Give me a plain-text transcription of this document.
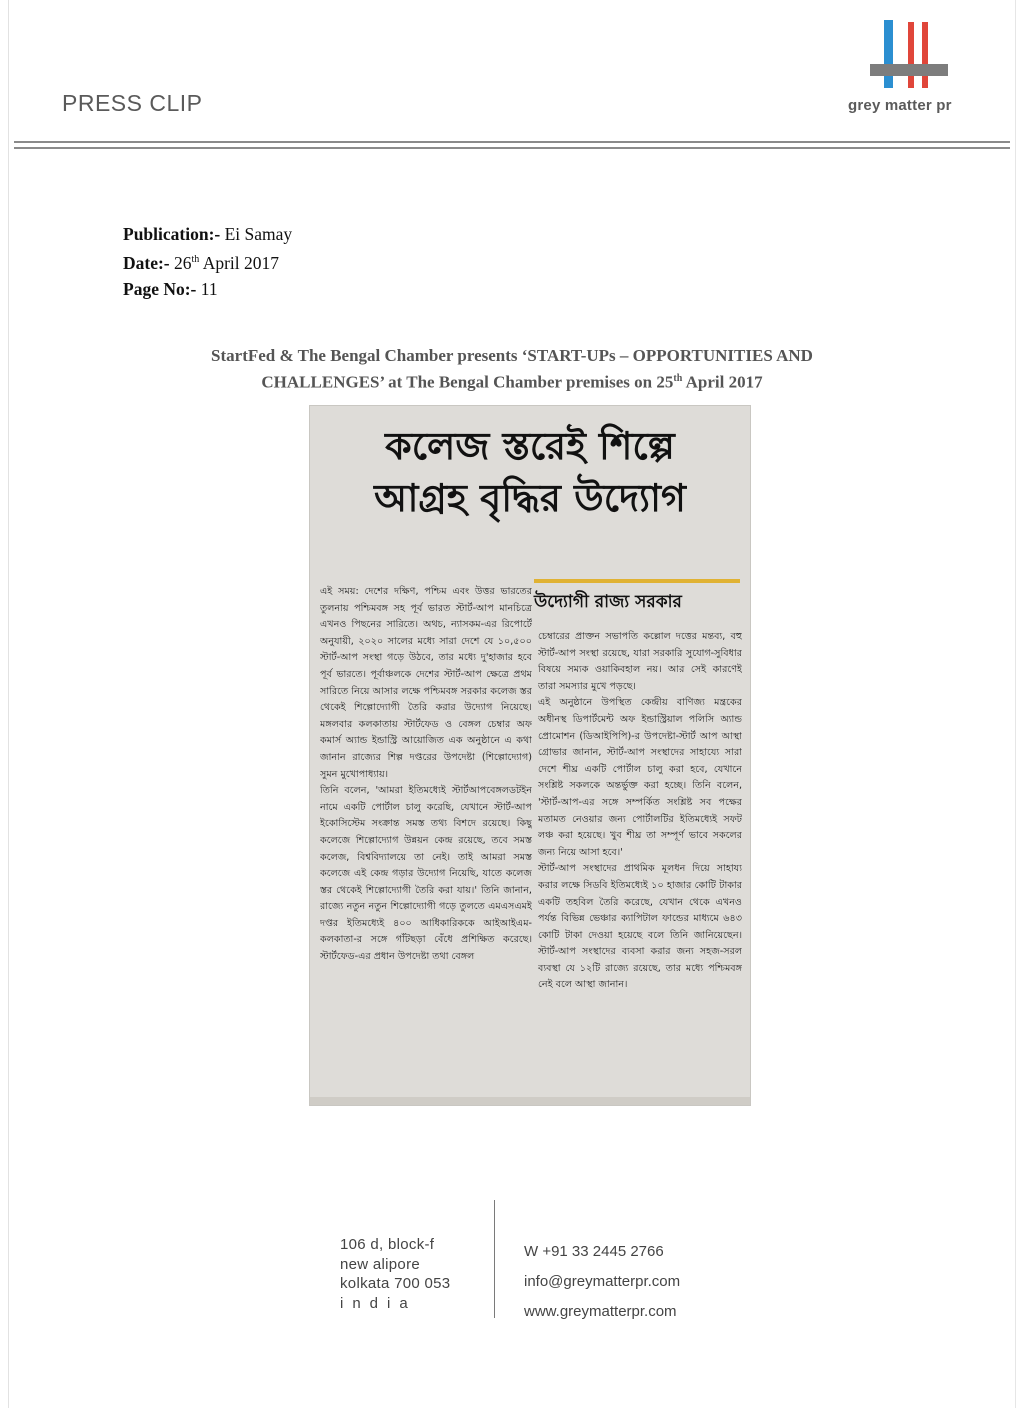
PRESS CLIP	grey matter pr
Publication:- Ei Samay
Date:- 26th April 2017
Page No:- 11
StartFed & The Bengal Chamber presents ‘START-UPs – OPPORTUNITIES AND
CHALLENGES’ at The Bengal Chamber premises on 25th April 2017
কলেজ স্তরেই শিল্পে
আগ্রহ বৃদ্ধির উদ্যোগ
উদ্যোগী রাজ্য সরকার

এই সময়: দেশের দক্ষিণ, পশ্চিম এবং উত্তর ভারতের তুলনায় পশ্চিমবঙ্গ সহ পূর্ব ভারত স্টার্ট-আপ মানচিত্রে এখনও পিছনের সারিতে। অথচ, ন্যাসকম-এর রিপোর্টে অনুযায়ী, ২০২০ সালের মধ্যে সারা দেশে যে ১০,৫০০ স্টার্ট-আপ সংস্থা গড়ে উঠবে, তার মধ্যে দু'হাজার হবে পূর্ব ভারতে। পূর্বাঞ্চলকে দেশের স্টার্ট-আপ ক্ষেত্রে প্রথম সারিতে নিয়ে আসার লক্ষে পশ্চিমবঙ্গ সরকার কলেজ স্তর থেকেই শিল্পোদ্যোগী তৈরি করার উদ্যোগ নিয়েছে। মঙ্গলবার কলকাতায় স্টার্টফেড ও বেঙ্গল চেম্বার অফ কমার্স অ্যান্ড ইন্ডাস্ট্রি আয়োজিত এক অনুষ্ঠানে এ কথা জানান রাজ্যের শিল্প দপ্তরের উপদেষ্টা (শিল্পোদ্যোগ) সুমন মুখোপাধ্যায়।

তিনি বলেন, 'আমরা ইতিমধ্যেই স্টার্টআপবেঙ্গলডটইন নামে একটি পোর্টাল চালু করেছি, যেখানে স্টার্ট-আপ ইকোসিস্টেম সংক্রান্ত সমস্ত তথ্য বিশদে রয়েছে। কিছু কলেজে শিল্পোদ্যোগ উন্নয়ন কেন্দ্র রয়েছে, তবে সমস্ত কলেজ, বিশ্ববিদ্যালয়ে তা নেই। তাই আমরা সমস্ত কলেজে এই কেন্দ্র গড়ার উদ্যোগ নিয়েছি, যাতে কলেজ স্তর থেকেই শিল্পোদ্যোগী তৈরি করা যায়।' তিনি জানান, রাজ্যে নতুন নতুন শিল্পোদ্যোগী গড়ে তুলতে এমএসএমই দপ্তর ইতিমধ্যেই ৪০০ আধিকারিককে আইআইএম-কলকাতা-র সঙ্গে গাঁটছড়া বেঁধে প্রশিক্ষিত করেছে। স্টার্টফেড-এর প্রধান উপদেষ্টা তথা বেঙ্গল

চেম্বারের প্রাক্তন সভাপতি কল্লোল দত্তের মন্তব্য, বহু স্টার্ট-আপ সংস্থা রয়েছে, যারা সরকারি সুযোগ-সুবিধার বিষয়ে সম্যক ওয়াকিবহাল নয়। আর সেই কারণেই তারা সমস্যার মুখে পড়ছে।

এই অনুষ্ঠানে উপস্থিত কেন্দ্রীয় বাণিজ্য মন্ত্রকের অধীনস্থ ডিপার্টমেন্ট অফ ইন্ডাস্ট্রিয়াল পলিসি অ্যান্ড প্রোমোশন (ডিআইপিপি)-র উপদেষ্টা-স্টার্ট আপ আস্থা গ্রোভার জানান, স্টার্ট-আপ সংস্থাদের সাহায্যে সারা দেশে শীঘ্র একটি পোর্টাল চালু করা হবে, যেখানে সংশ্লিষ্ট সকলকে অন্তর্ভুক্ত করা হচ্ছে। তিনি বলেন, 'স্টার্ট-আপ-এর সঙ্গে সম্পর্কিত সংশ্লিষ্ট সব পক্ষের মতামত নেওয়ার জন্য পোর্টালটির ইতিমধ্যেই সফট লঞ্চ করা হয়েছে। খুব শীঘ্র তা সম্পূর্ণ ভাবে সকলের জন্য নিয়ে আসা হবে।'

স্টার্ট-আপ সংস্থাদের প্রাথমিক মূলধন দিয়ে সাহায্য করার লক্ষে সিডবি ইতিমধ্যেই ১০ হাজার কোটি টাকার একটি তহবিল তৈরি করেছে, যেখান থেকে এখনও পর্যন্ত বিভিন্ন ভেঞ্চার ক্যাপিটাল ফান্ডের মাধ্যমে ৬৪৩ কোটি টাকা দেওয়া হয়েছে বলে তিনি জানিয়েছেন। স্টার্ট-আপ সংস্থাদের ব্যবসা করার জন্য সহজ-সরল ব্যবস্থা যে ১২টি রাজ্যে রয়েছে, তার মধ্যে পশ্চিমবঙ্গ নেই বলে আস্থা জানান।

106 d, block-f
new alipore
kolkata 700 053
india
W +91 33 2445 2766
info@greymatterpr.com
www.greymatterpr.com
